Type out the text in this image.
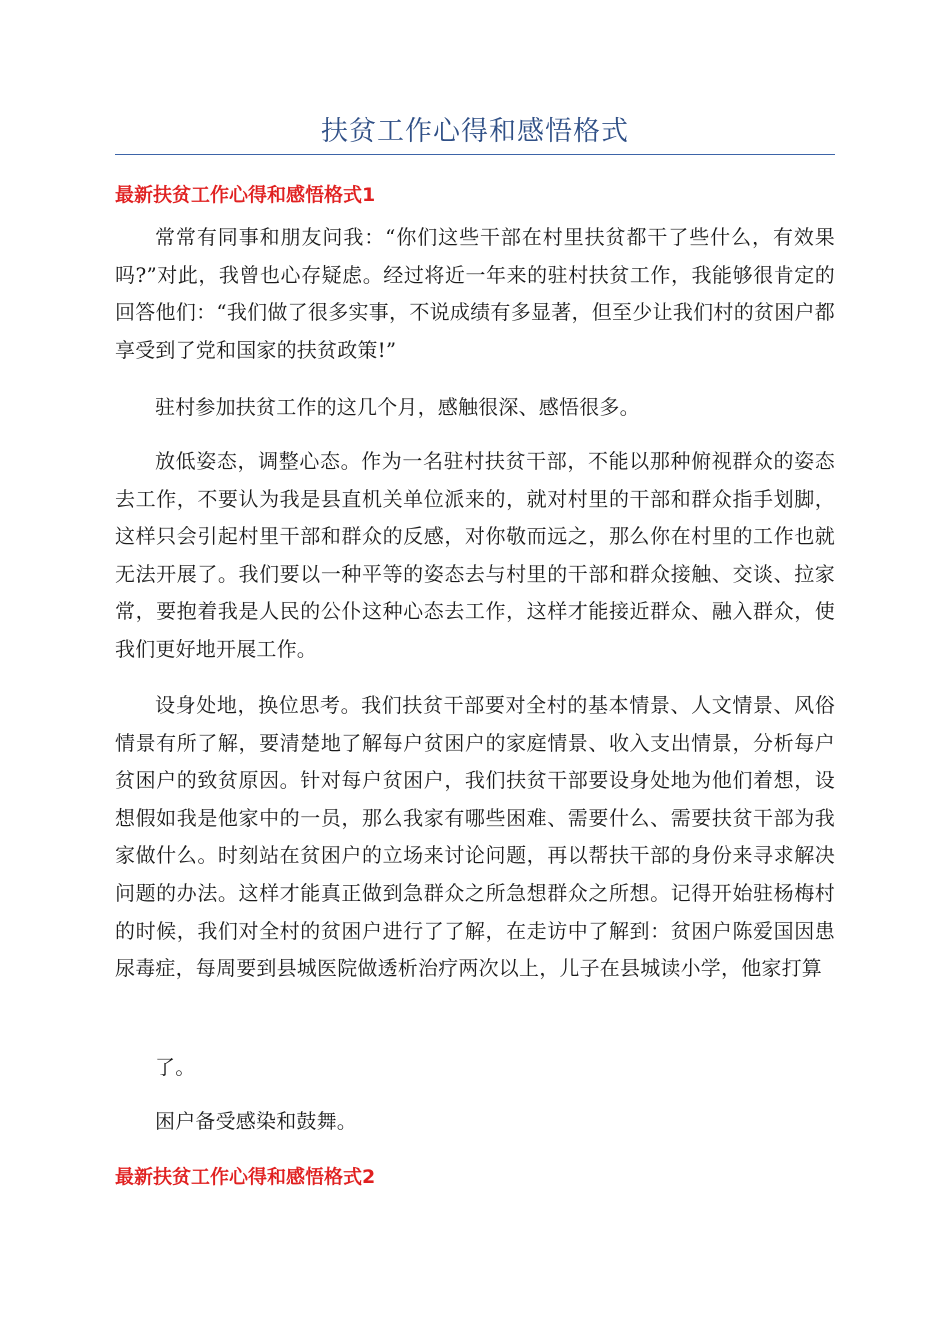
扶贫工作心得和感悟格式
最新扶贫工作心得和感悟格式1

常常有同事和朋友问我：“你们这些干部在村里扶贫都干了些什么，有效果吗?”对此，我曾也心存疑虑。经过将近一年来的驻村扶贫工作，我能够很肯定的回答他们：“我们做了很多实事，不说成绩有多显著，但至少让我们村的贫困户都享受到了党和国家的扶贫政策!”

驻村参加扶贫工作的这几个月，感触很深、感悟很多。

放低姿态，调整心态。作为一名驻村扶贫干部，不能以那种俯视群众的姿态去工作，不要认为我是县直机关单位派来的，就对村里的干部和群众指手划脚，这样只会引起村里干部和群众的反感，对你敬而远之，那么你在村里的工作也就无法开展了。我们要以一种平等的姿态去与村里的干部和群众接触、交谈、拉家常，要抱着我是人民的公仆这种心态去工作，这样才能接近群众、融入群众，使我们更好地开展工作。

设身处地，换位思考。我们扶贫干部要对全村的基本情景、人文情景、风俗情景有所了解，要清楚地了解每户贫困户的家庭情景、收入支出情景，分析每户贫困户的致贫原因。针对每户贫困户，我们扶贫干部要设身处地为他们着想，设想假如我是他家中的一员，那么我家有哪些困难、需要什么、需要扶贫干部为我家做什么。时刻站在贫困户的立场来讨论问题，再以帮扶干部的身份来寻求解决问题的办法。这样才能真正做到急群众之所急想群众之所想。记得开始驻杨梅村的时候，我们对全村的贫困户进行了了解，在走访中了解到：贫困户陈爱国因患尿毒症，每周要到县城医院做透析治疗两次以上，儿子在县城读小学，他家打算

了。

困户备受感染和鼓舞。

最新扶贫工作心得和感悟格式2
